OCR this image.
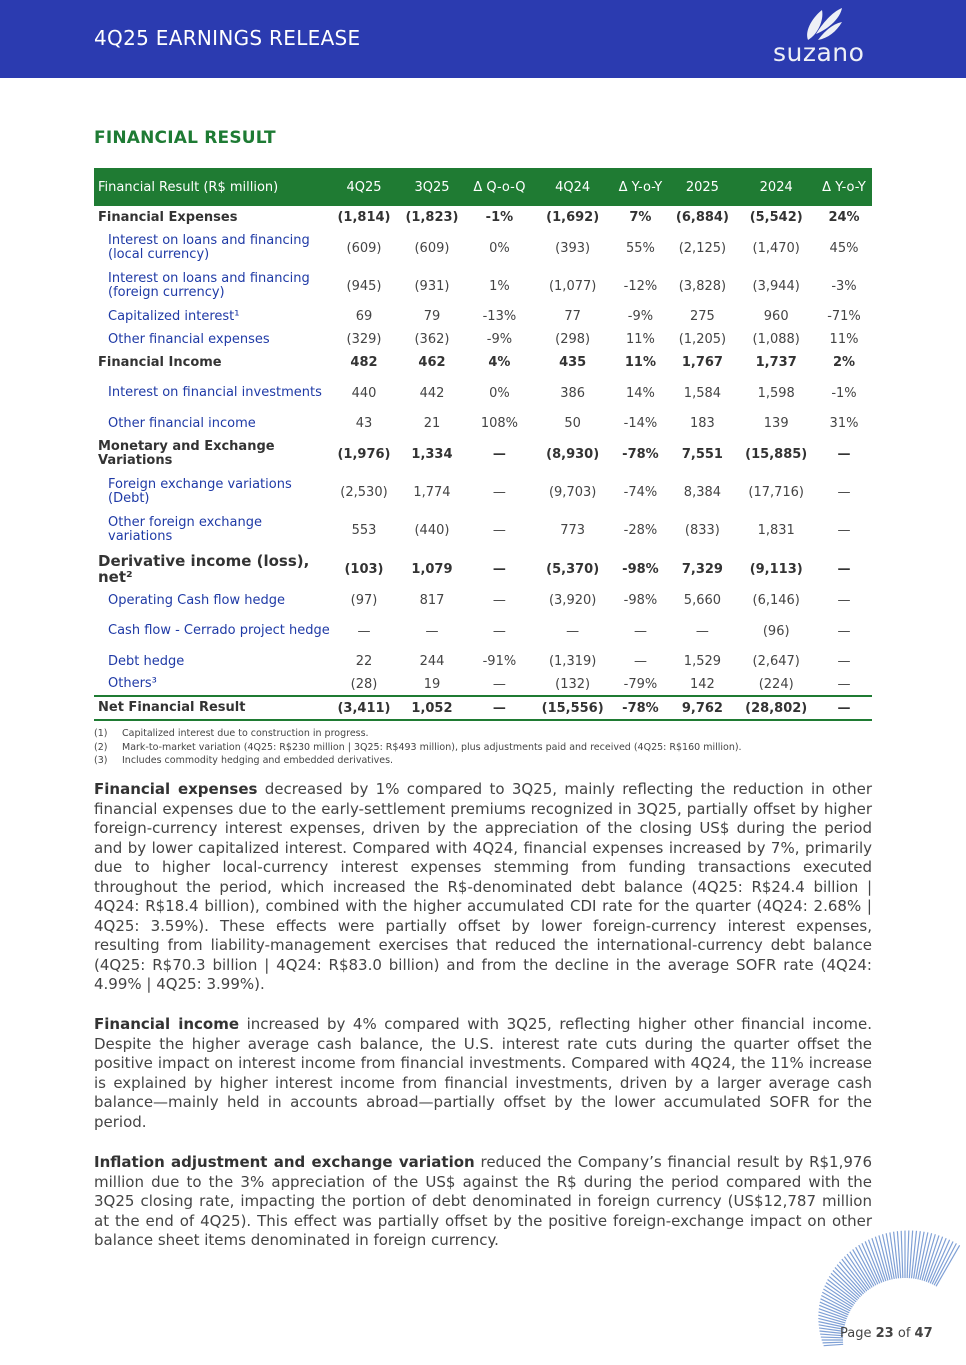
4Q25 EARNINGS RELEASE	suzano
FINANCIAL RESULT
Financial Result (R$ million)	4Q25	3Q25	Δ Q-o-Q	4Q24	Δ Y-o-Y	2025	2024	Δ Y-o-Y
Financial Expenses	(1,814)	(1,823)	-1%	(1,692)	7%	(6,884)	(5,542)	24%
Interest on loans and financing (local currency)	(609)	(609)	0%	(393)	55%	(2,125)	(1,470)	45%
Interest on loans and financing (foreign currency)	(945)	(931)	1%	(1,077)	-12%	(3,828)	(3,944)	-3%
Capitalized interest¹	69	79	-13%	77	-9%	275	960	-71%
Other financial expenses	(329)	(362)	-9%	(298)	11%	(1,205)	(1,088)	11%
Financial Income	482	462	4%	435	11%	1,767	1,737	2%
Interest on financial investments	440	442	0%	386	14%	1,584	1,598	-1%
Other financial income	43	21	108%	50	-14%	183	139	31%
Monetary and Exchange Variations	(1,976)	1,334	—	(8,930)	-78%	7,551	(15,885)	—
Foreign exchange variations (Debt)	(2,530)	1,774	—	(9,703)	-74%	8,384	(17,716)	—
Other foreign exchange variations	553	(440)	—	773	-28%	(833)	1,831	—
Derivative income (loss), net²	(103)	1,079	—	(5,370)	-98%	7,329	(9,113)	—
Operating Cash flow hedge	(97)	817	—	(3,920)	-98%	5,660	(6,146)	—
Cash flow - Cerrado project hedge	—	—	—	—	—	—	(96)	—
Debt hedge	22	244	-91%	(1,319)	—	1,529	(2,647)	—
Others³	(28)	19	—	(132)	-79%	142	(224)	—
Net Financial Result	(3,411)	1,052	—	(15,556)	-78%	9,762	(28,802)	—
(1) Capitalized interest due to construction in progress.
(2) Mark-to-market variation (4Q25: R$230 million | 3Q25: R$493 million), plus adjustments paid and received (4Q25: R$160 million).
(3) Includes commodity hedging and embedded derivatives.
Financial expenses decreased by 1% compared to 3Q25, mainly reflecting the reduction in other financial expenses due to the early-settlement premiums recognized in 3Q25, partially offset by higher foreign-currency interest expenses, driven by the appreciation of the closing US$ during the period and by lower capitalized interest. Compared with 4Q24, financial expenses increased by 7%, primarily due to higher local-currency interest expenses stemming from funding transactions executed throughout the period, which increased the R$-denominated debt balance (4Q25: R$24.4 billion | 4Q24: R$18.4 billion), combined with the higher accumulated CDI rate for the quarter (4Q24: 2.68% | 4Q25: 3.59%). These effects were partially offset by lower foreign-currency interest expenses, resulting from liability-management exercises that reduced the international-currency debt balance (4Q25: R$70.3 billion | 4Q24: R$83.0 billion) and from the decline in the average SOFR rate (4Q24: 4.99% | 4Q25: 3.99%).
Financial income increased by 4% compared with 3Q25, reflecting higher other financial income. Despite the higher average cash balance, the U.S. interest rate cuts during the quarter offset the positive impact on interest income from financial investments. Compared with 4Q24, the 11% increase is explained by higher interest income from financial investments, driven by a larger average cash balance—mainly held in accounts abroad—partially offset by the lower accumulated SOFR for the period.
Inflation adjustment and exchange variation reduced the Company’s financial result by R$1,976 million due to the 3% appreciation of the US$ against the R$ during the period compared with the 3Q25 closing rate, impacting the portion of debt denominated in foreign currency (US$12,787 million at the end of 4Q25). This effect was partially offset by the positive foreign-exchange impact on other balance sheet items denominated in foreign currency.
Page 23 of 47
